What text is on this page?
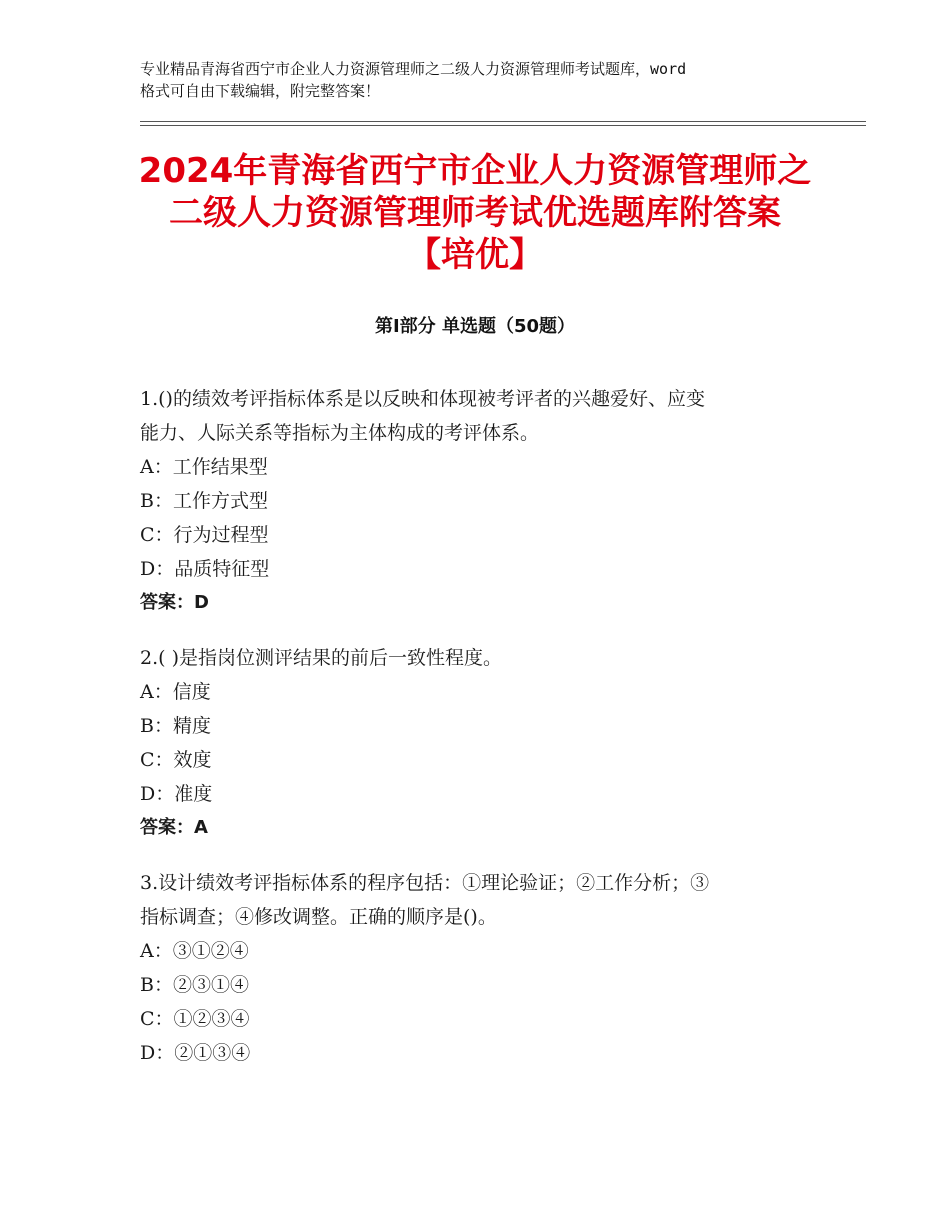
专业精品青海省西宁市企业人力资源管理师之二级人力资源管理师考试题库，word
格式可自由下载编辑，附完整答案！
2024年青海省西宁市企业人力资源管理师之
二级人力资源管理师考试优选题库附答案
【培优】
第Ⅰ部分 单选题（50题）
1.()的绩效考评指标体系是以反映和体现被考评者的兴趣爱好、应变
能力、人际关系等指标为主体构成的考评体系。
A：工作结果型
B：工作方式型
C：行为过程型
D：品质特征型
答案：D
2.( )是指岗位测评结果的前后一致性程度。
A：信度
B：精度
C：效度
D：准度
答案：A
3.设计绩效考评指标体系的程序包括：①理论验证；②工作分析；③
指标调查；④修改调整。正确的顺序是()。
A：③①②④
B：②③①④
C：①②③④
D：②①③④
